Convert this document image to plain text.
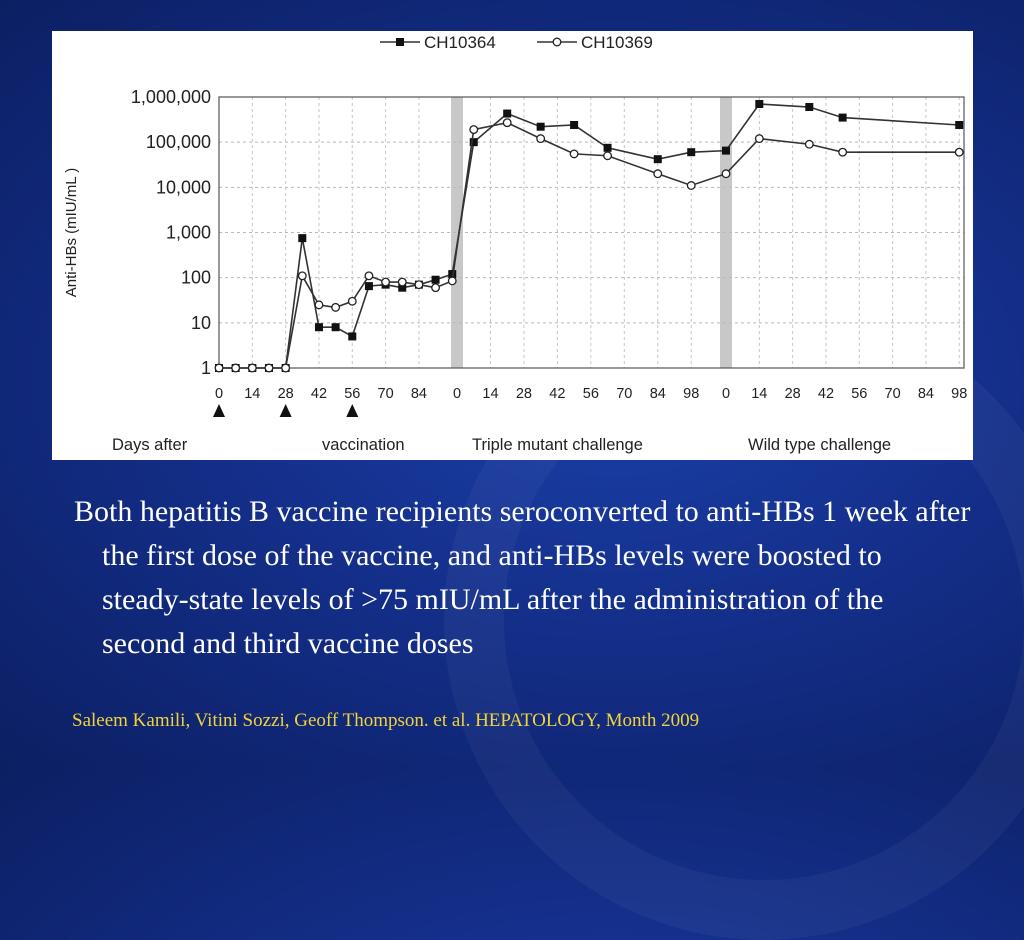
1
10
100
1,000
10,000
100,000
1,000,000
Anti-HBs (mIU/mL )
0 14 28 42 56 70 84 0 14 28 42 56 70 84 98 0 14 28 42 56 70 84 98
Days after	vaccination	Triple mutant challenge	Wild type challenge
CH10364	CH10369
Both hepatitis B vaccine recipients seroconverted to anti-HBs 1 week after the first dose of the vaccine, and anti-HBs levels were boosted to steady-state levels of >75 mIU/mL after the administration of the second and third vaccine doses
Saleem Kamili, Vitini Sozzi, Geoff Thompson. et al. HEPATOLOGY, Month 2009
